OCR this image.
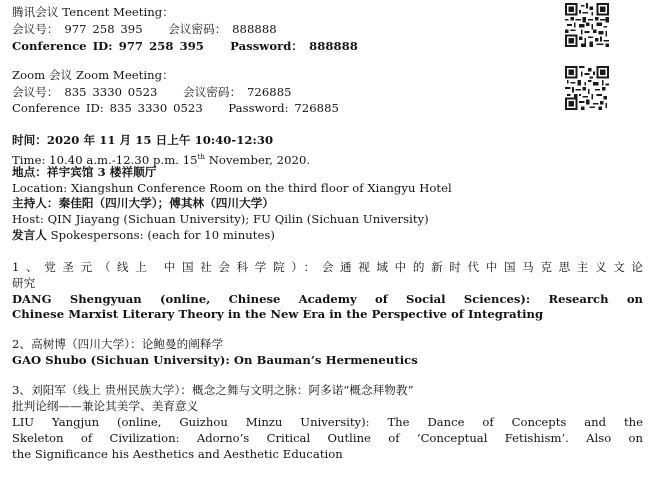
腾讯会议 Tencent Meeting：
会议号： 977 258 395 会议密码： 888888
Conference ID: 977 258 395 Password： 888888
Zoom 会议 Zoom Meeting：
会议号： 835 3330 0523 会议密码： 726885
Conference ID: 835 3330 0523 Password: 726885
时间：2020 年 11 月 15 日上午 10:40-12:30
Time: 10.40 a.m.-12.30 p.m. 15th November, 2020.
地点：祥宇宾馆 3 楼祥顺厅
Location: Xiangshun Conference Room on the third floor of Xiangyu Hotel
主持人：秦佳阳（四川大学）；傅其林（四川大学）
Host: QIN Jiayang (Sichuan University); FU Qilin (Sichuan University)
发言人 Spokespersons: (each for 10 minutes)
1、党圣元（线上 中国社会科学院）：会通视域中的新时代中国马克思主义文论
研究
DANG Shengyuan (online, Chinese Academy of Social Sciences): Research on
Chinese Marxist Literary Theory in the New Era in the Perspective of Integrating
2、高树博（四川大学）：论鲍曼的阐释学
GAO Shubo (Sichuan University): On Bauman’s Hermeneutics
3、刘阳军（线上 贵州民族大学）：概念之舞与文明之脉：阿多诺“概念拜物教”
批判论纲——兼论其美学、美育意义
LIU Yangjun (online, Guizhou Minzu University): The Dance of Concepts and the
Skeleton of Civilization: Adorno’s Critical Outline of ‘Conceptual Fetishism’. Also on
the Significance his Aesthetics and Aesthetic Education
